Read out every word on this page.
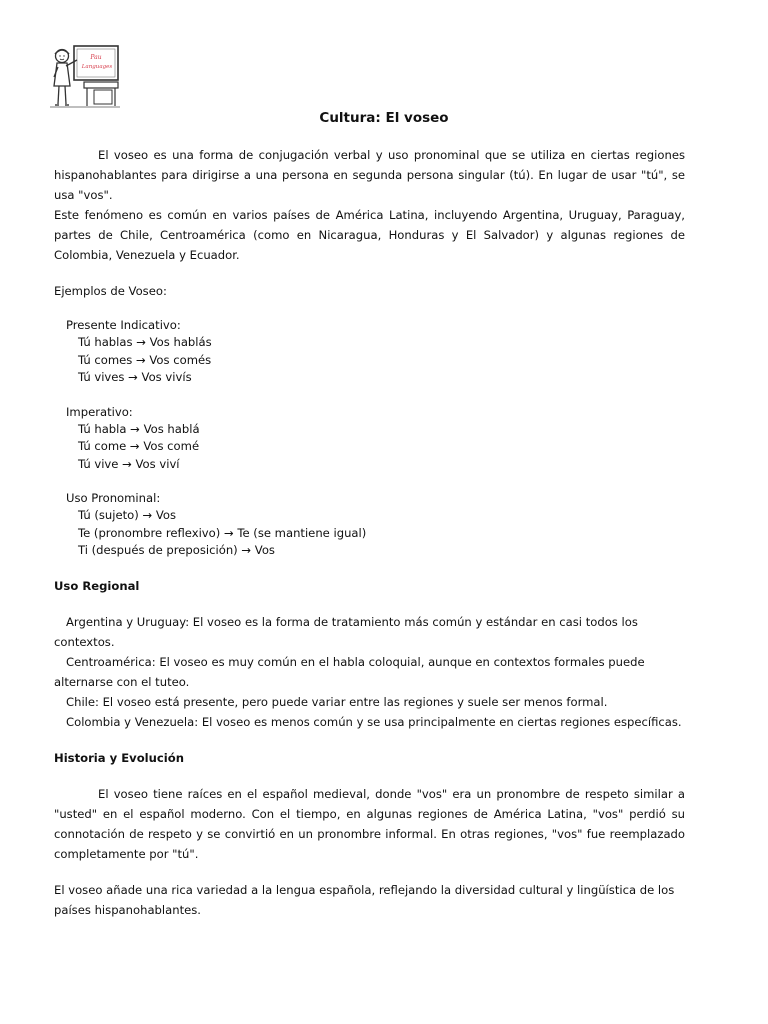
Pau
Languages
Cultura: El voseo

El voseo es una forma de conjugación verbal y uso pronominal que se utiliza en ciertas regiones hispanohablantes para dirigirse a una persona en segunda persona singular (tú). En lugar de usar "tú", se usa "vos".
Este fenómeno es común en varios países de América Latina, incluyendo Argentina, Uruguay, Paraguay, partes de Chile, Centroamérica (como en Nicaragua, Honduras y El Salvador) y algunas regiones de Colombia, Venezuela y Ecuador.

Ejemplos de Voseo:

Presente Indicativo:

Tú hablas → Vos hablás

Tú comes → Vos comés

Tú vives → Vos vivís

Imperativo:

Tú habla → Vos hablá

Tú come → Vos comé

Tú vive → Vos viví

Uso Pronominal:

Tú (sujeto) → Vos

Te (pronombre reflexivo) → Te (se mantiene igual)

Ti (después de preposición) → Vos

Uso Regional

Argentina y Uruguay: El voseo es la forma de tratamiento más común y estándar en casi todos los contextos.

Centroamérica: El voseo es muy común en el habla coloquial, aunque en contextos formales puede alternarse con el tuteo.

Chile: El voseo está presente, pero puede variar entre las regiones y suele ser menos formal.

Colombia y Venezuela: El voseo es menos común y se usa principalmente en ciertas regiones específicas.

Historia y Evolución

El voseo tiene raíces en el español medieval, donde "vos" era un pronombre de respeto similar a "usted" en el español moderno. Con el tiempo, en algunas regiones de América Latina, "vos" perdió su connotación de respeto y se convirtió en un pronombre informal. En otras regiones, "vos" fue reemplazado completamente por "tú".

El voseo añade una rica variedad a la lengua española, reflejando la diversidad cultural y lingüística de los países hispanohablantes.
